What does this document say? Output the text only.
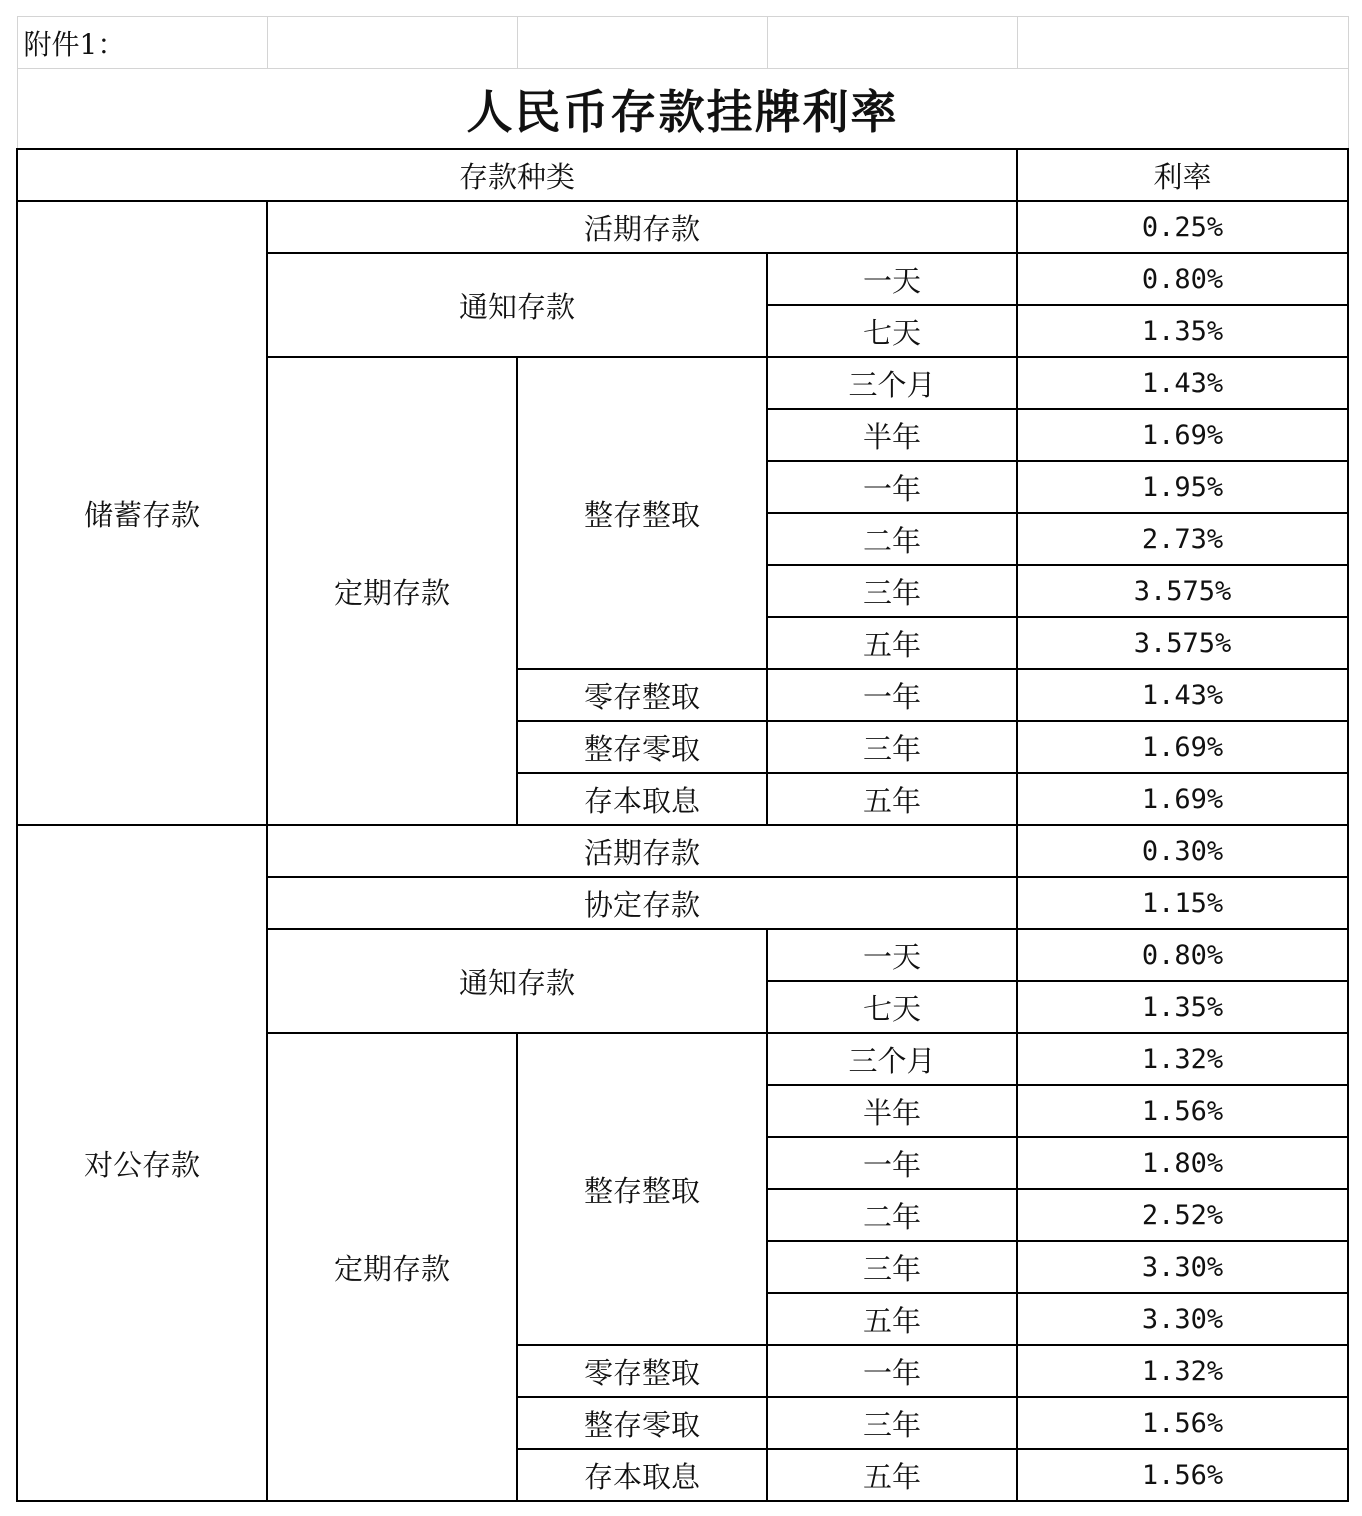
附件1：				
人民币存款挂牌利率				
存款种类				利率
储蓄存款	活期存款			0.25%
	通知存款		一天	0.80%
			七天	1.35%
	定期存款	整存整取	三个月	1.43%
			半年	1.69%
			一年	1.95%
			二年	2.73%
			三年	3.575%
			五年	3.575%
		零存整取	一年	1.43%
		整存零取	三年	1.69%
		存本取息	五年	1.69%
对公存款	活期存款			0.30%
	协定存款			1.15%
	通知存款		一天	0.80%
			七天	1.35%
	定期存款	整存整取	三个月	1.32%
			半年	1.56%
			一年	1.80%
			二年	2.52%
			三年	3.30%
			五年	3.30%
		零存整取	一年	1.32%
		整存零取	三年	1.56%
		存本取息	五年	1.56%
